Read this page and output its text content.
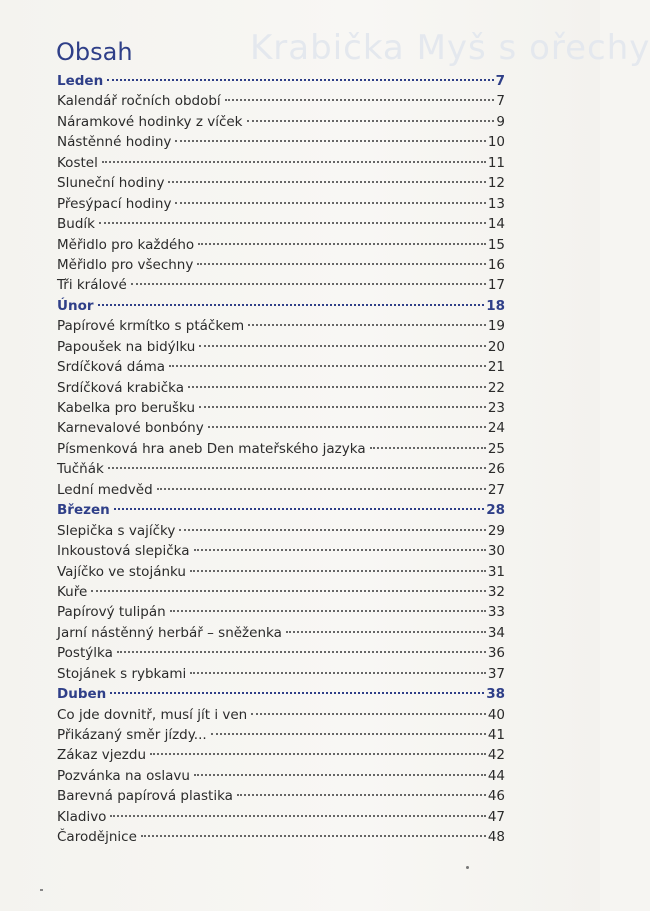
Krabička Myš s ořechy
Obsah
Leden	7
Kalendář ročních období	7
Náramkové hodinky z víček	9
Nástěnné hodiny	10
Kostel	11
Sluneční hodiny	12
Přesýpací hodiny	13
Budík	14
Měřidlo pro každého	15
Měřidlo pro všechny	16
Tři králové	17
Únor	18
Papírové krmítko s ptáčkem	19
Papoušek na bidýlku	20
Srdíčková dáma	21
Srdíčková krabička	22
Kabelka pro berušku	23
Karnevalové bonbóny	24
Písmenková hra aneb Den mateřského jazyka	25
Tučňák	26
Lední medvěd	27
Březen	28
Slepička s vajíčky	29
Inkoustová slepička	30
Vajíčko ve stojánku	31
Kuře	32
Papírový tulipán	33
Jarní nástěnný herbář – sněženka	34
Postýlka	36
Stojánek s rybkami	37
Duben	38
Co jde dovnitř, musí jít i ven	40
Přikázaný směr jízdy...	41
Zákaz vjezdu	42
Pozvánka na oslavu	44
Barevná papírová plastika	46
Kladivo	47
Čarodějnice	48
